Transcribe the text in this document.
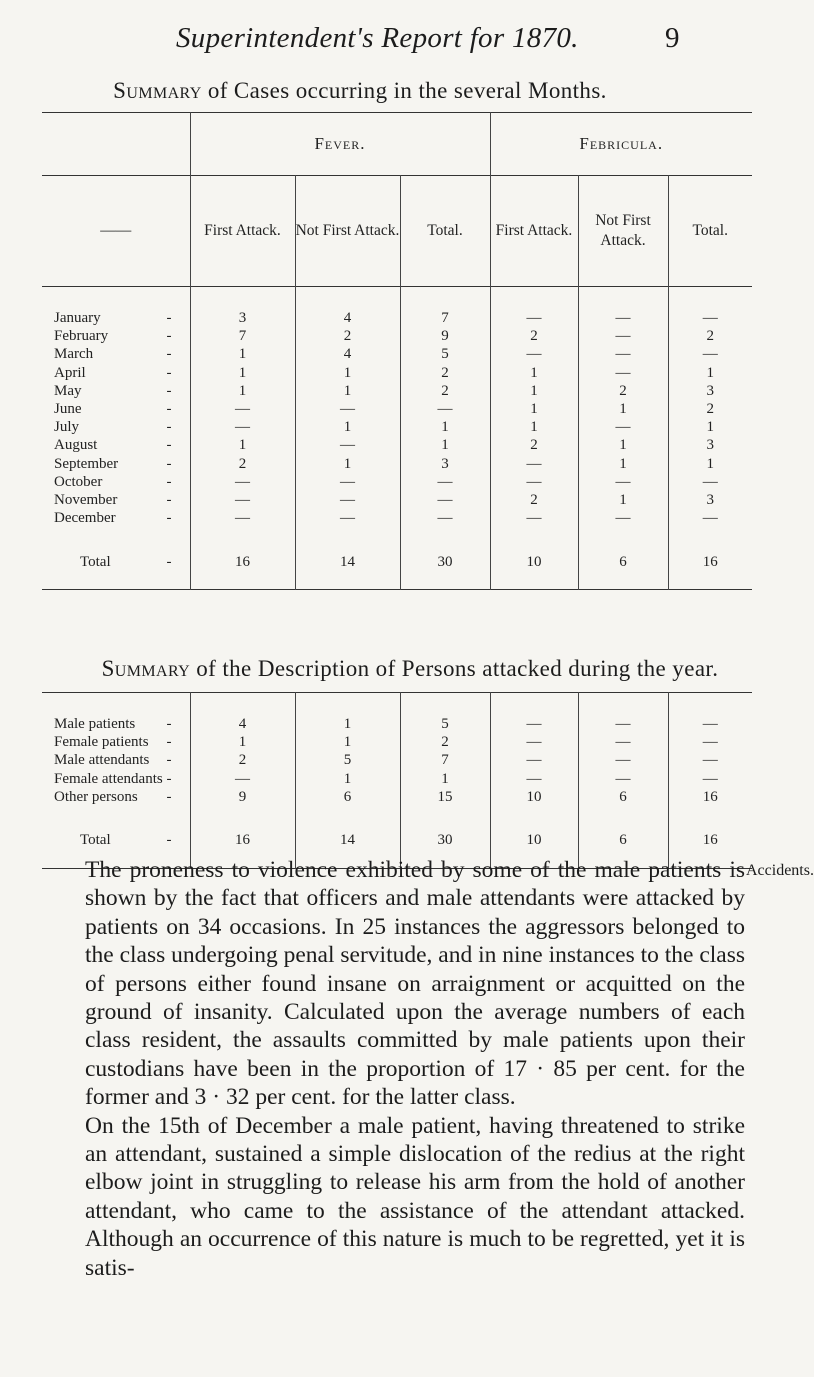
Superintendent's Report for 1870.	9
Summary of Cases occurring in the several Months.
	Fever.			Febricula.		
——	First Attack.	Not First Attack.	Total.	First Attack.	Not First Attack.	Total.

January -	3	4	7	—	—	—
February -	7	2	9	2	—	2
March -	1	4	5	—	—	—
April -	1	1	2	1	—	1
May -	1	1	2	1	2	3
June -	—	—	—	1	1	2
July -	—	1	1	1	—	1
August -	1	—	1	2	1	3
September -	2	1	3	—	1	1
October -	—	—	—	—	—	—
November -	—	—	—	2	1	3
December -	—	—	—	—	—	—

Total -	16	14	30	10	6	16

Summary of the Description of Persons attacked during the year.

Male patients -	4	1	5	—	—	—
Female patients -	1	1	2	—	—	—
Male attendants -	2	5	7	—	—	—
Female attendants -	—	1	1	—	—	—
Other persons -	9	6	15	10	6	16

Total -	16	14	30	10	6	16

Accidents.

The proneness to violence exhibited by some of the male patients is shown by the fact that officers and male attendants were attacked by patients on 34 occasions. In 25 instances the aggressors belonged to the class undergoing penal servitude, and in nine instances to the class of persons either found insane on arraignment or acquitted on the ground of insanity. Calculated upon the average numbers of each class resident, the assaults committed by male patients upon their custodians have been in the proportion of 17 · 85 per cent. for the former and 3 · 32 per cent. for the latter class.

On the 15th of December a male patient, having threatened to strike an attendant, sustained a simple dislocation of the redius at the right elbow joint in struggling to release his arm from the hold of another attendant, who came to the assistance of the attendant attacked. Although an occurrence of this nature is much to be regretted, yet it is satis-
